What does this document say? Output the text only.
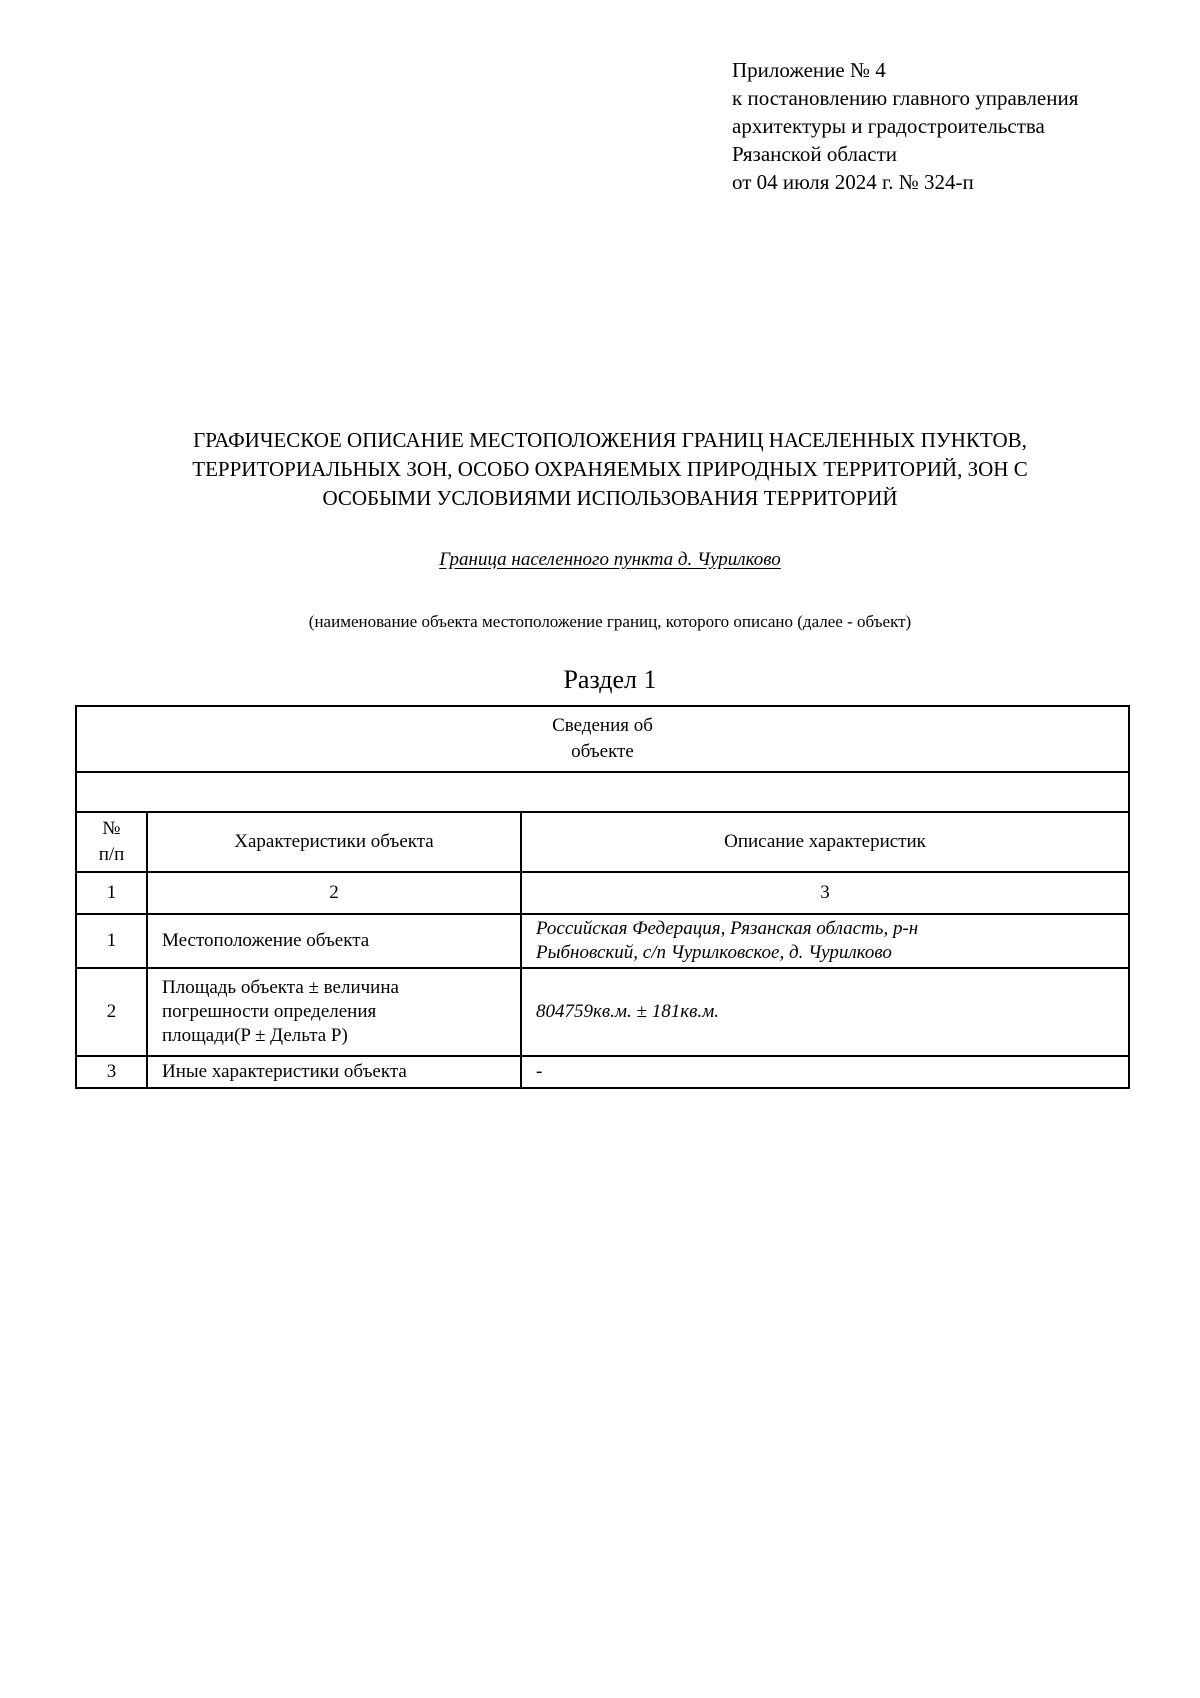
Приложение № 4
к постановлению главного управления
архитектуры и градостроительства
Рязанской области
от 04 июля 2024 г. № 324-п
ГРАФИЧЕСКОЕ ОПИСАНИЕ МЕСТОПОЛОЖЕНИЯ ГРАНИЦ НАСЕЛЕННЫХ ПУНКТОВ,
ТЕРРИТОРИАЛЬНЫХ ЗОН, ОСОБО ОХРАНЯЕМЫХ ПРИРОДНЫХ ТЕРРИТОРИЙ, ЗОН С
ОСОБЫМИ УСЛОВИЯМИ ИСПОЛЬЗОВАНИЯ ТЕРРИТОРИЙ
Граница населенного пункта д. Чурилково
(наименование объекта местоположение границ, которого описано (далее - объект)
Раздел 1
Сведения об
объекте		

№
п/п	Характеристики объекта	Описание характеристик
1	2	3
1	Местоположение объекта	Российская Федерация, Рязанская область, р-н
Рыбновский, с/п Чурилковское, д. Чурилково

2	Площадь объекта ± величина
погрешности определения
площади(P ± Дельта P)	804759кв.м. ± 181кв.м.

3	Иные характеристики объекта	-
